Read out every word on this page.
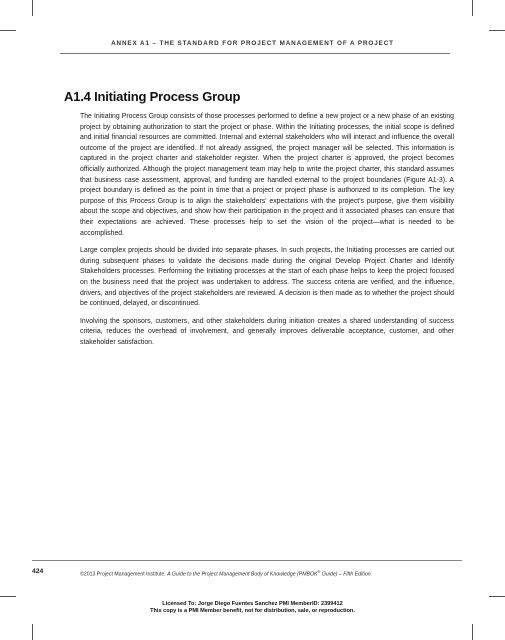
ANNEX A1 – THE STANDARD FOR PROJECT MANAGEMENT OF A PROJECT
A1.4 Initiating Process Group

The Initiating Process Group consists of those processes performed to define a new project or a new phase of an existing project by obtaining authorization to start the project or phase. Within the Initiating processes, the initial scope is defined and initial financial resources are committed. Internal and external stakeholders who will interact and influence the overall outcome of the project are identified. If not already assigned, the project manager will be selected. This information is captured in the project charter and stakeholder register. When the project charter is approved, the project becomes officially authorized. Although the project management team may help to write the project charter, this standard assumes that business case assessment, approval, and funding are handled external to the project boundaries (Figure A1-3). A project boundary is defined as the point in time that a project or project phase is authorized to its completion. The key purpose of this Process Group is to align the stakeholders' expectations with the project's purpose, give them visibility about the scope and objectives, and show how their participation in the project and it associated phases can ensure that their expectations are achieved. These processes help to set the vision of the project—what is needed to be accomplished.

Large complex projects should be divided into separate phases. In such projects, the Initiating processes are carried out during subsequent phases to validate the decisions made during the original Develop Project Charter and Identify Stakeholders processes. Performing the Initiating processes at the start of each phase helps to keep the project focused on the business need that the project was undertaken to address. The success criteria are verified, and the influence, drivers, and objectives of the project stakeholders are reviewed. A decision is then made as to whether the project should be continued, delayed, or discontinued.

Involving the sponsors, customers, and other stakeholders during initiation creates a shared understanding of success criteria, reduces the overhead of involvement, and generally improves deliverable acceptance, customer, and other stakeholder satisfaction.

424	©2013 Project Management Institute. A Guide to the Project Management Body of Knowledge (PMBOK® Guide) – Fifth Edition
Licensed To: Jorge Diego Fuentes Sanchez PMI MemberID: 2399412
This copy is a PMI Member benefit, not for distribution, sale, or reproduction.
